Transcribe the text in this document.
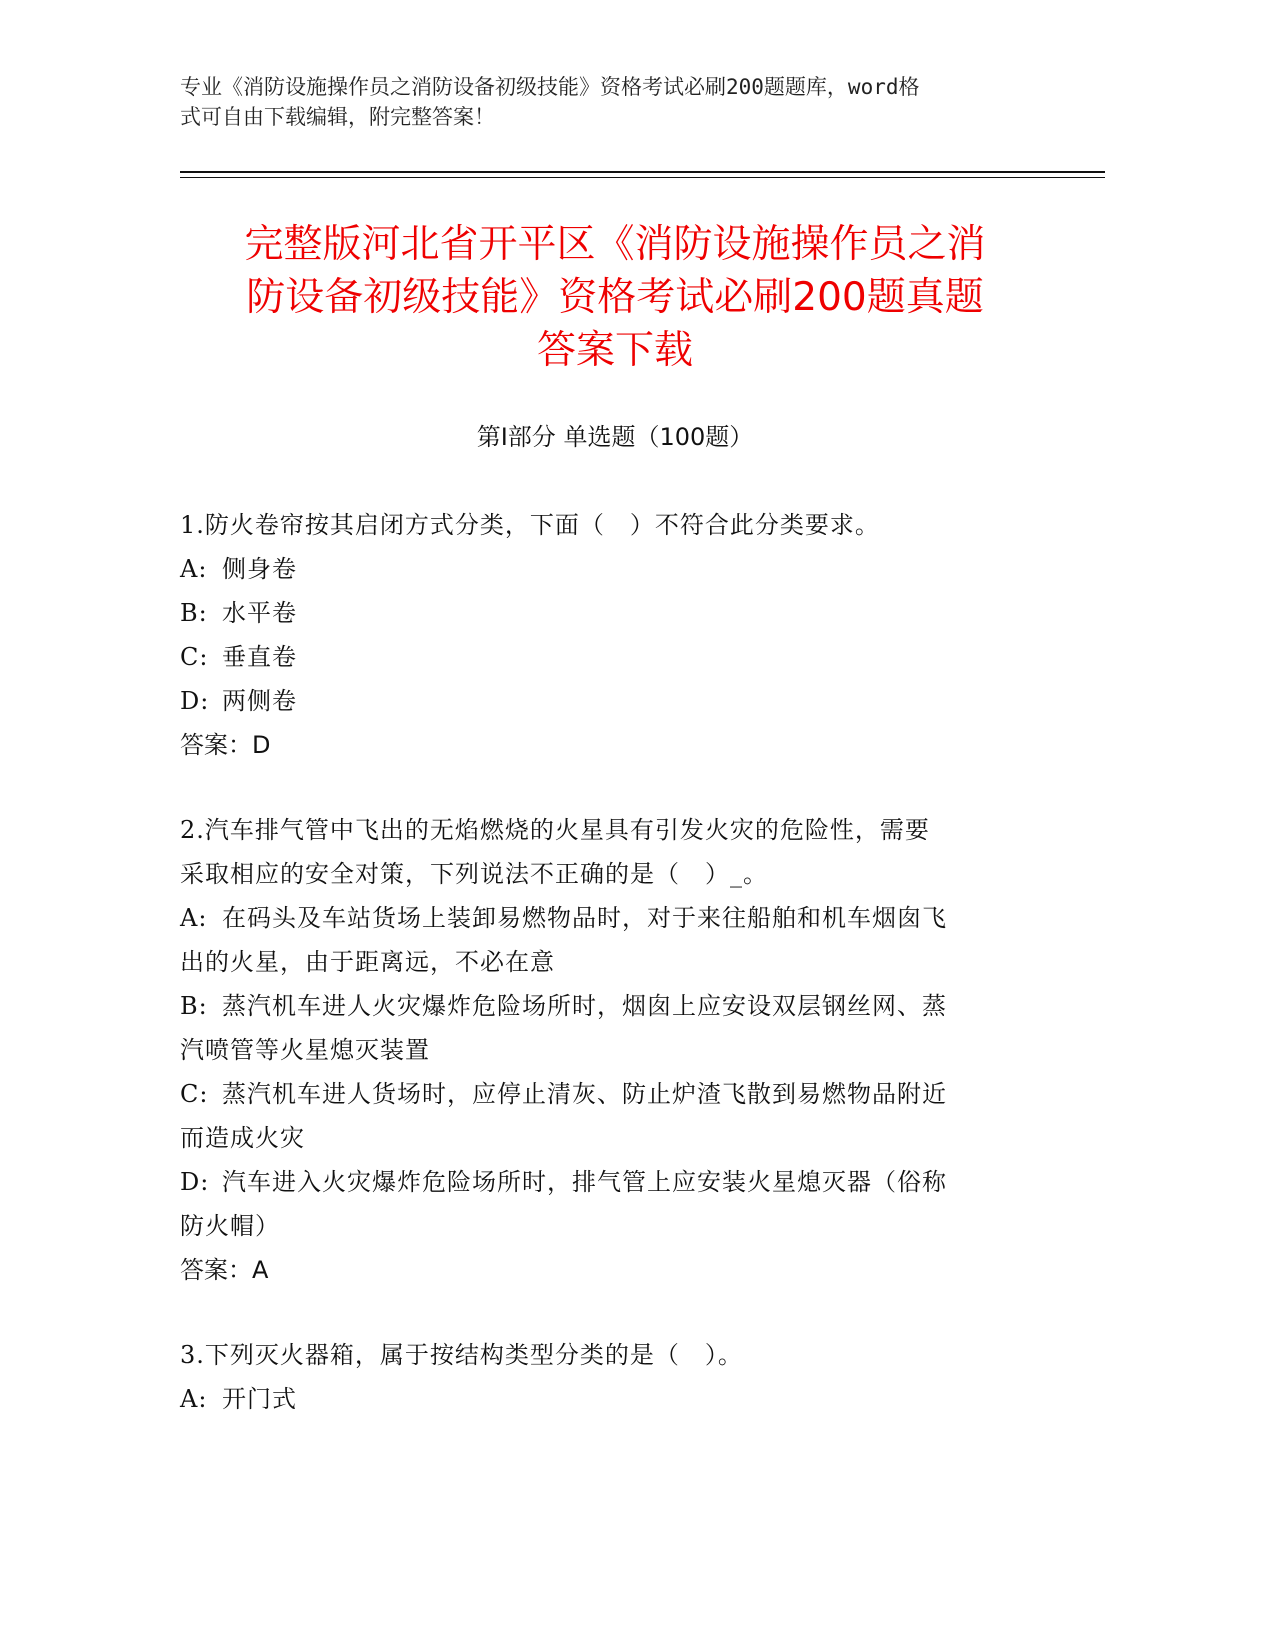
专业《消防设施操作员之消防设备初级技能》资格考试必刷200题题库，word格
式可自由下载编辑，附完整答案！
完整版河北省开平区《消防设施操作员之消
防设备初级技能》资格考试必刷200题真题
答案下载
第Ⅰ部分 单选题（100题）
1.防火卷帘按其启闭方式分类，下面（　）不符合此分类要求。
A: 侧身卷
B: 水平卷
C: 垂直卷
D: 两侧卷
答案：D
2.汽车排气管中飞出的无焰燃烧的火星具有引发火灾的危险性，需要
采取相应的安全对策，下列说法不正确的是（　）_。
A: 在码头及车站货场上装卸易燃物品时，对于来往船舶和机车烟囱飞
出的火星，由于距离远，不必在意
B: 蒸汽机车进人火灾爆炸危险场所时，烟囱上应安设双层钢丝网、蒸
汽喷管等火星熄灭装置
C: 蒸汽机车进人货场时，应停止清灰、防止炉渣飞散到易燃物品附近
而造成火灾
D: 汽车进入火灾爆炸危险场所时，排气管上应安装火星熄灭器（俗称
防火帽）
答案：A
3.下列灭火器箱，属于按结构类型分类的是（　）。
A: 开门式
